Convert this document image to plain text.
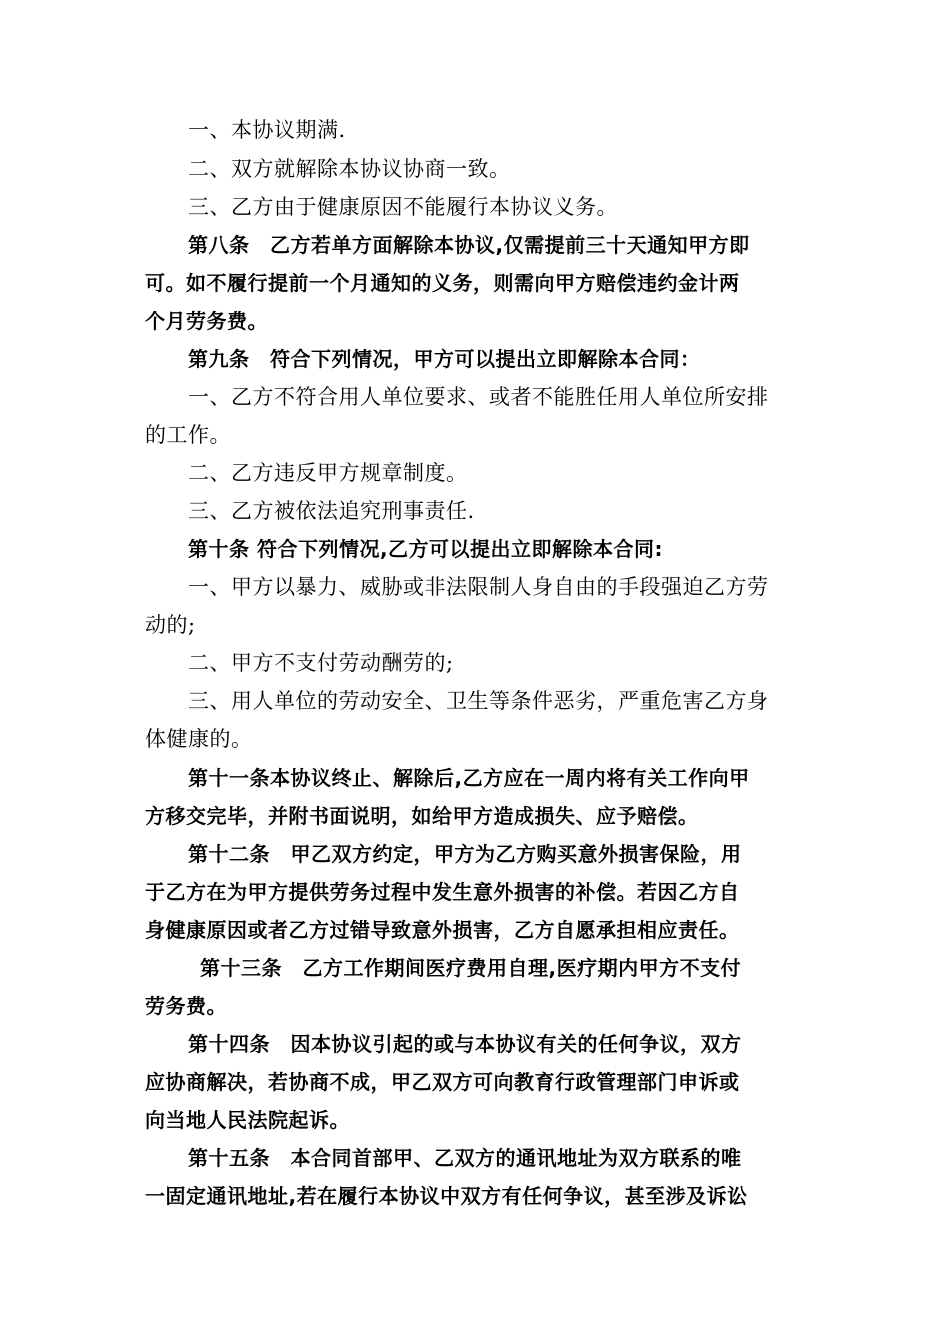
一、本协议期满.
二、双方就解除本协议协商一致。
三、乙方由于健康原因不能履行本协议义务。
第八条　乙方若单方面解除本协议,仅需提前三十天通知甲方即
可。如不履行提前一个月通知的义务，则需向甲方赔偿违约金计两
个月劳务费。
第九条　符合下列情况，甲方可以提出立即解除本合同：
一、乙方不符合用人单位要求、或者不能胜任用人单位所安排
的工作。
二、乙方违反甲方规章制度。
三、乙方被依法追究刑事责任.
第十条 符合下列情况,乙方可以提出立即解除本合同:
一、甲方以暴力、威胁或非法限制人身自由的手段强迫乙方劳
动的;
二、甲方不支付劳动酬劳的;
三、用人单位的劳动安全、卫生等条件恶劣，严重危害乙方身
体健康的。
第十一条本协议终止、解除后,乙方应在一周内将有关工作向甲
方移交完毕，并附书面说明，如给甲方造成损失、应予赔偿。
第十二条　甲乙双方约定，甲方为乙方购买意外损害保险，用
于乙方在为甲方提供劳务过程中发生意外损害的补偿。若因乙方自
身健康原因或者乙方过错导致意外损害，乙方自愿承担相应责任。
第十三条　乙方工作期间医疗费用自理,医疗期内甲方不支付
劳务费。
第十四条　因本协议引起的或与本协议有关的任何争议，双方
应协商解决，若协商不成，甲乙双方可向教育行政管理部门申诉或
向当地人民法院起诉。
第十五条　本合同首部甲、乙双方的通讯地址为双方联系的唯
一固定通讯地址,若在履行本协议中双方有任何争议，甚至涉及诉讼
